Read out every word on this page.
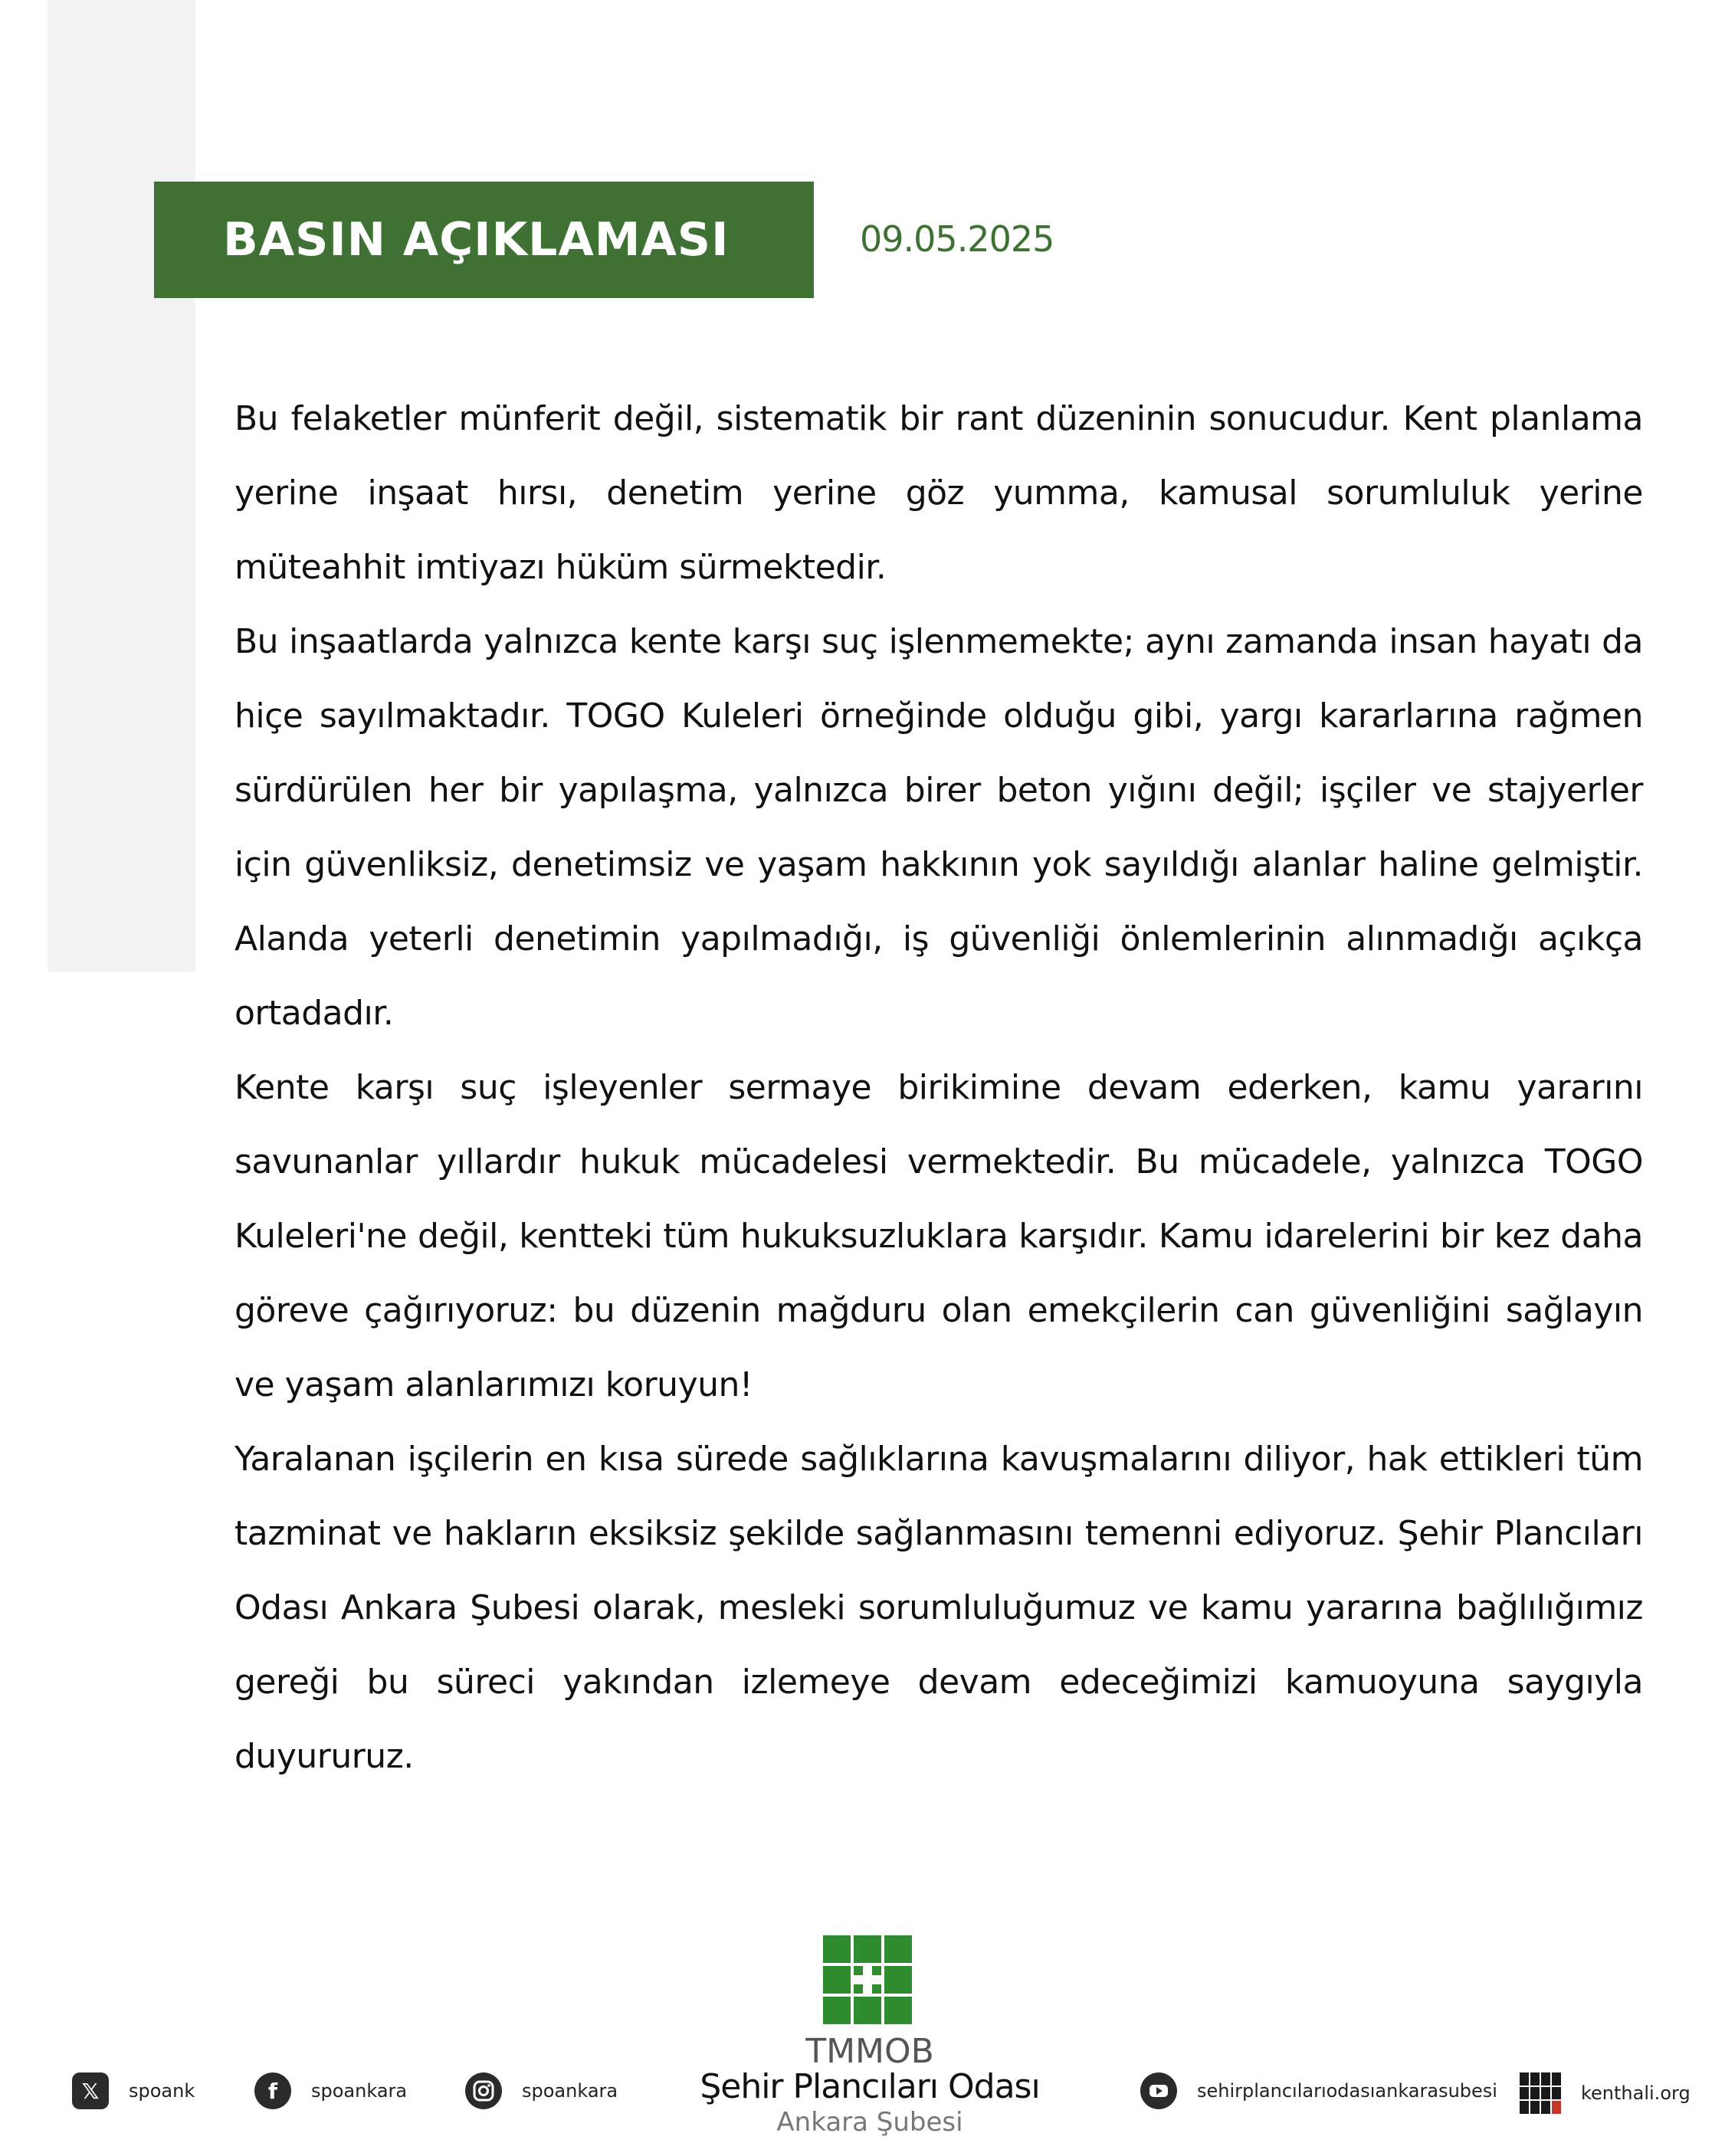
BASIN AÇIKLAMASI	09.05.2025

Bu felaketler münferit değil, sistematik bir rant düzeninin sonucudur. Kent planlama yerine inşaat hırsı, denetim yerine göz yumma, kamusal sorumluluk yerine müteahhit imtiyazı hüküm sürmektedir.

Bu inşaatlarda yalnızca kente karşı suç işlenmemekte; aynı zamanda insan hayatı da hiçe sayılmaktadır. TOGO Kuleleri örneğinde olduğu gibi, yargı kararlarına rağmen sürdürülen her bir yapılaşma, yalnızca birer beton yığını değil; işçiler ve stajyerler için güvenliksiz, denetimsiz ve yaşam hakkının yok sayıldığı alanlar haline gelmiştir. Alanda yeterli denetimin yapılmadığı, iş güvenliği önlemlerinin alınmadığı açıkça ortadadır.

Kente karşı suç işleyenler sermaye birikimine devam ederken, kamu yararını savunanlar yıllardır hukuk mücadelesi vermektedir. Bu mücadele, yalnızca TOGO Kuleleri'ne değil, kentteki tüm hukuksuzluklara karşıdır. Kamu idarelerini bir kez daha göreve çağırıyoruz: bu düzenin mağduru olan emekçilerin can güvenliğini sağlayın ve yaşam alanlarımızı koruyun!

Yaralanan işçilerin en kısa sürede sağlıklarına kavuşmalarını diliyor, hak ettikleri tüm tazminat ve hakların eksiksiz şekilde sağlanmasını temenni ediyoruz. Şehir Plancıları Odası Ankara Şubesi olarak, mesleki sorumluluğumuz ve kamu yararına bağlılığımız gereği bu süreci yakından izlemeye devam edeceğimizi kamuoyuna saygıyla duyururuz.

TMMOB
Şehir Plancıları Odası
Ankara Şubesi
𝕏	spoank	f	spoankara	spoankara	sehirplancılarıodasıankarasubesi	kenthali.org
